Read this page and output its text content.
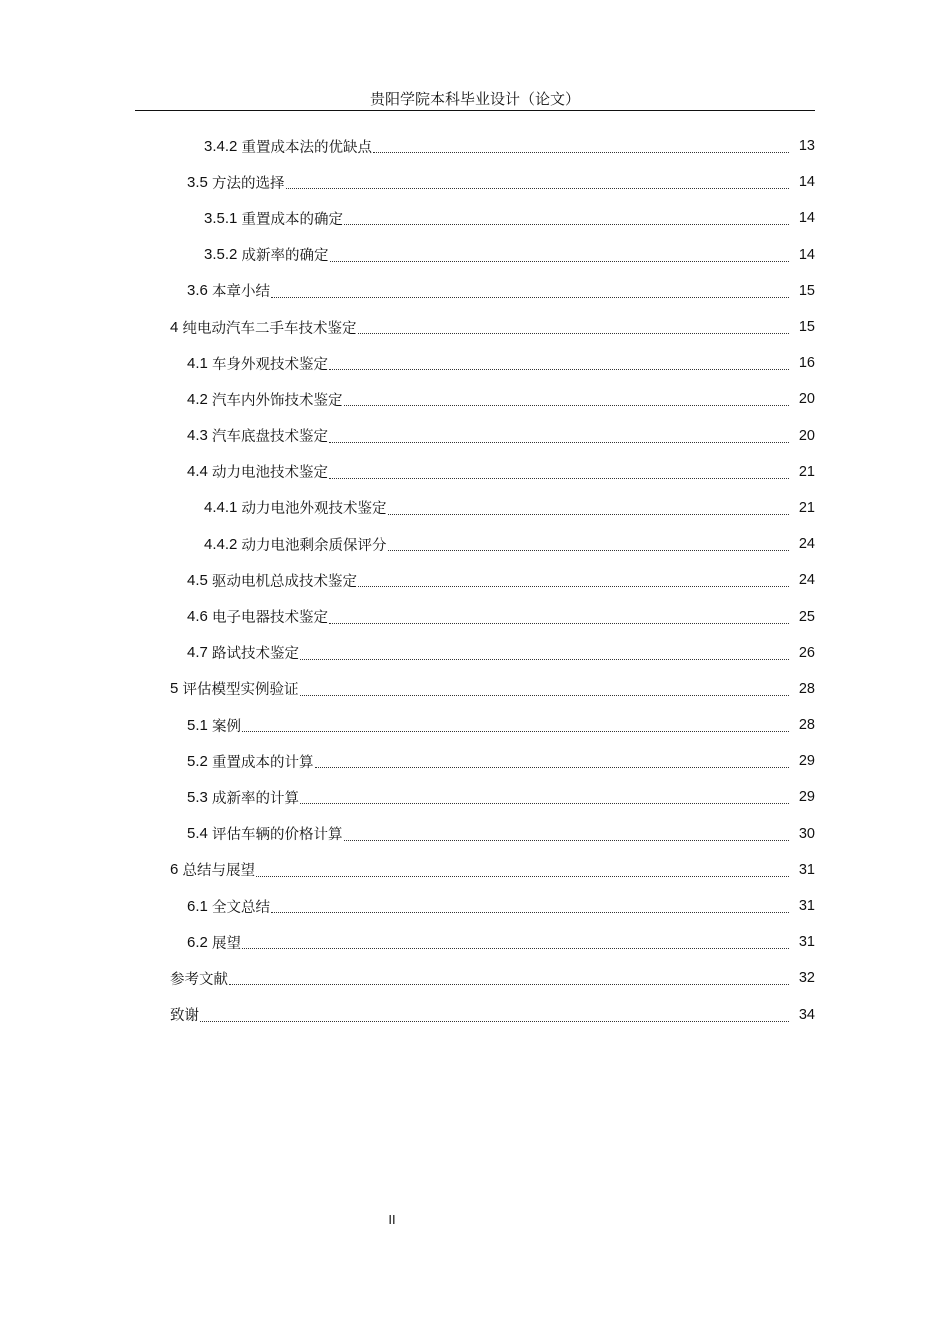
贵阳学院本科毕业设计（论文）
3.4.2 重置成本法的优缺点	13
3.5 方法的选择	14
3.5.1 重置成本的确定	14
3.5.2 成新率的确定	14
3.6 本章小结	15
4 纯电动汽车二手车技术鉴定	15
4.1 车身外观技术鉴定	16
4.2 汽车内外饰技术鉴定	20
4.3 汽车底盘技术鉴定	20
4.4 动力电池技术鉴定	21
4.4.1 动力电池外观技术鉴定	21
4.4.2 动力电池剩余质保评分	24
4.5 驱动电机总成技术鉴定	24
4.6 电子电器技术鉴定	25
4.7 路试技术鉴定	26
5 评估模型实例验证	28
5.1 案例	28
5.2 重置成本的计算	29
5.3 成新率的计算	29
5.4 评估车辆的价格计算	30
6 总结与展望	31
6.1 全文总结	31
6.2 展望	31
参考文献	32
致谢	34
II
